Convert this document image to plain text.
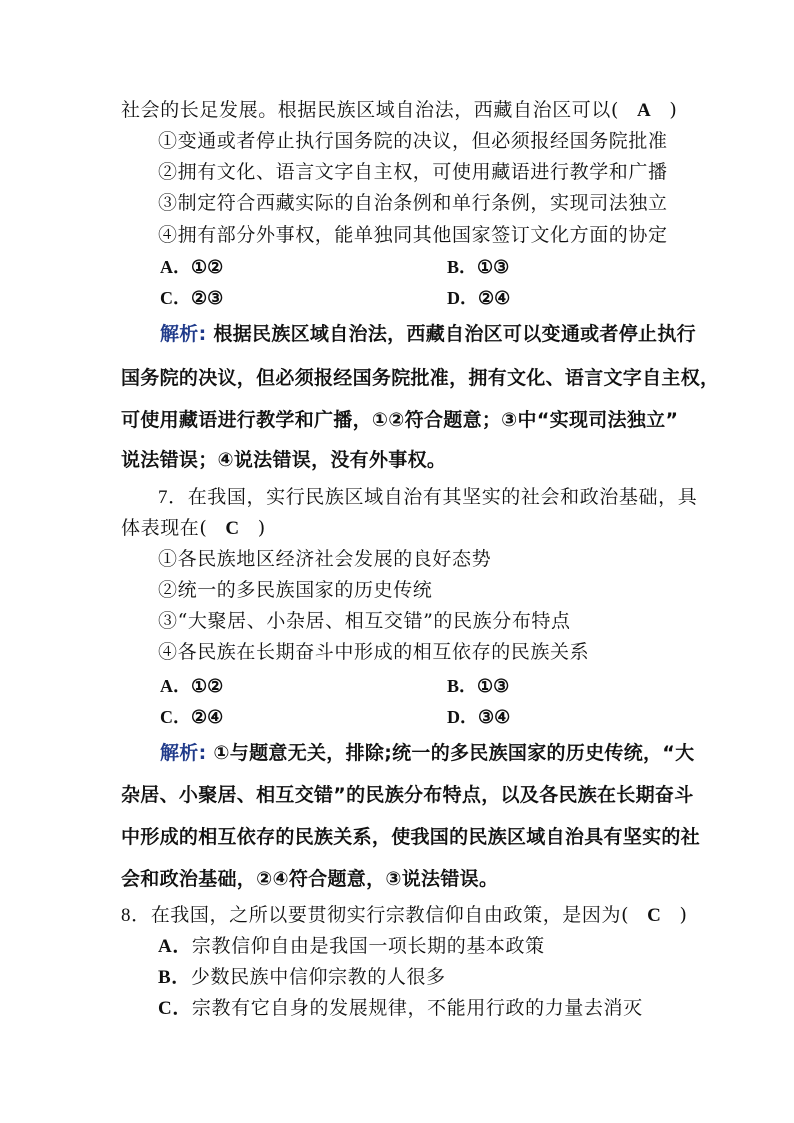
社会的长足发展。根据民族区域自治法，西藏自治区可以( A )
①变通或者停止执行国务院的决议，但必须报经国务院批准
②拥有文化、语言文字自主权，可使用藏语进行教学和广播
③制定符合西藏实际的自治条例和单行条例，实现司法独立
④拥有部分外事权，能单独同其他国家签订文化方面的协定
A．①②	B．①③
C．②③	D．②④
解析: 根据民族区域自治法，西藏自治区可以变通或者停止执行
国务院的决议，但必须报经国务院批准，拥有文化、语言文字自主权，
可使用藏语进行教学和广播，①②符合题意；③中“实现司法独立”
说法错误；④说法错误，没有外事权。
7．在我国，实行民族区域自治有其坚实的社会和政治基础，具
体表现在( C )
①各民族地区经济社会发展的良好态势
②统一的多民族国家的历史传统
③“大聚居、小杂居、相互交错”的民族分布特点
④各民族在长期奋斗中形成的相互依存的民族关系
A．①②	B．①③
C．②④	D．③④
解析: ①与题意无关，排除;统一的多民族国家的历史传统，“大
杂居、小聚居、相互交错”的民族分布特点，以及各民族在长期奋斗
中形成的相互依存的民族关系，使我国的民族区域自治具有坚实的社
会和政治基础，②④符合题意，③说法错误。
8．在我国，之所以要贯彻实行宗教信仰自由政策，是因为( C )
A．宗教信仰自由是我国一项长期的基本政策
B．少数民族中信仰宗教的人很多
C．宗教有它自身的发展规律，不能用行政的力量去消灭
